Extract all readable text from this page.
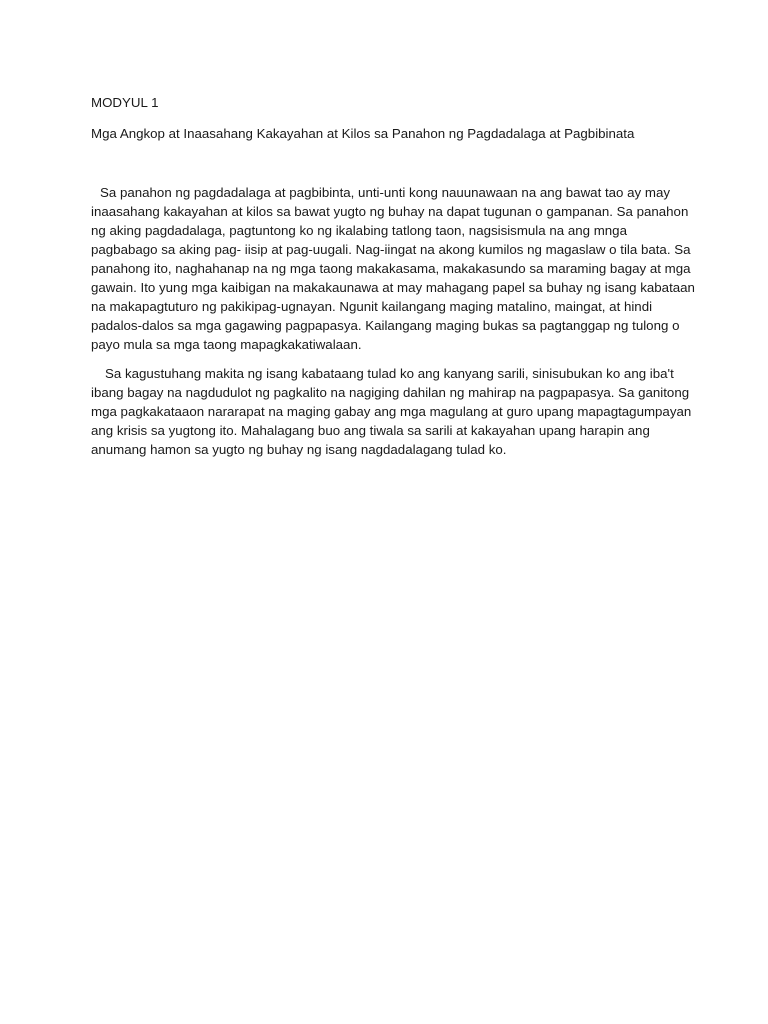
MODYUL 1

Mga Angkop at Inaasahang Kakayahan at Kilos sa Panahon ng Pagdadalaga at Pagbibinata

Sa panahon ng pagdadalaga at pagbibinta, unti-unti kong nauunawaan na ang bawat tao ay may inaasahang kakayahan at kilos sa bawat yugto ng buhay na dapat tugunan o gampanan. Sa panahon ng aking pagdadalaga, pagtuntong ko ng ikalabing tatlong taon, nagsisismula na ang mnga pagbabago sa aking pag- iisip at pag-uugali. Nag-iingat na akong kumilos ng magaslaw o tila bata. Sa panahong ito, naghahanap na ng mga taong makakasama, makakasundo sa maraming bagay at mga gawain. Ito yung mga kaibigan na makakaunawa at may mahagang papel sa buhay ng isang kabataan na makapagtuturo ng pakikipag-ugnayan. Ngunit kailangang maging matalino, maingat, at hindi padalos-dalos sa mga gagawing pagpapasya. Kailangang maging bukas sa pagtanggap ng tulong o payo mula sa mga taong mapagkakatiwalaan.

Sa kagustuhang makita ng isang kabataang tulad ko ang kanyang sarili, sinisubukan ko ang iba't ibang bagay na nagdudulot ng pagkalito na nagiging dahilan ng mahirap na pagpapasya. Sa ganitong mga pagkakataaon nararapat na maging gabay ang mga magulang at guro upang mapagtagumpayan ang krisis sa yugtong ito. Mahalagang buo ang tiwala sa sarili at kakayahan upang harapin ang anumang hamon sa yugto ng buhay ng isang nagdadalagang tulad ko.
